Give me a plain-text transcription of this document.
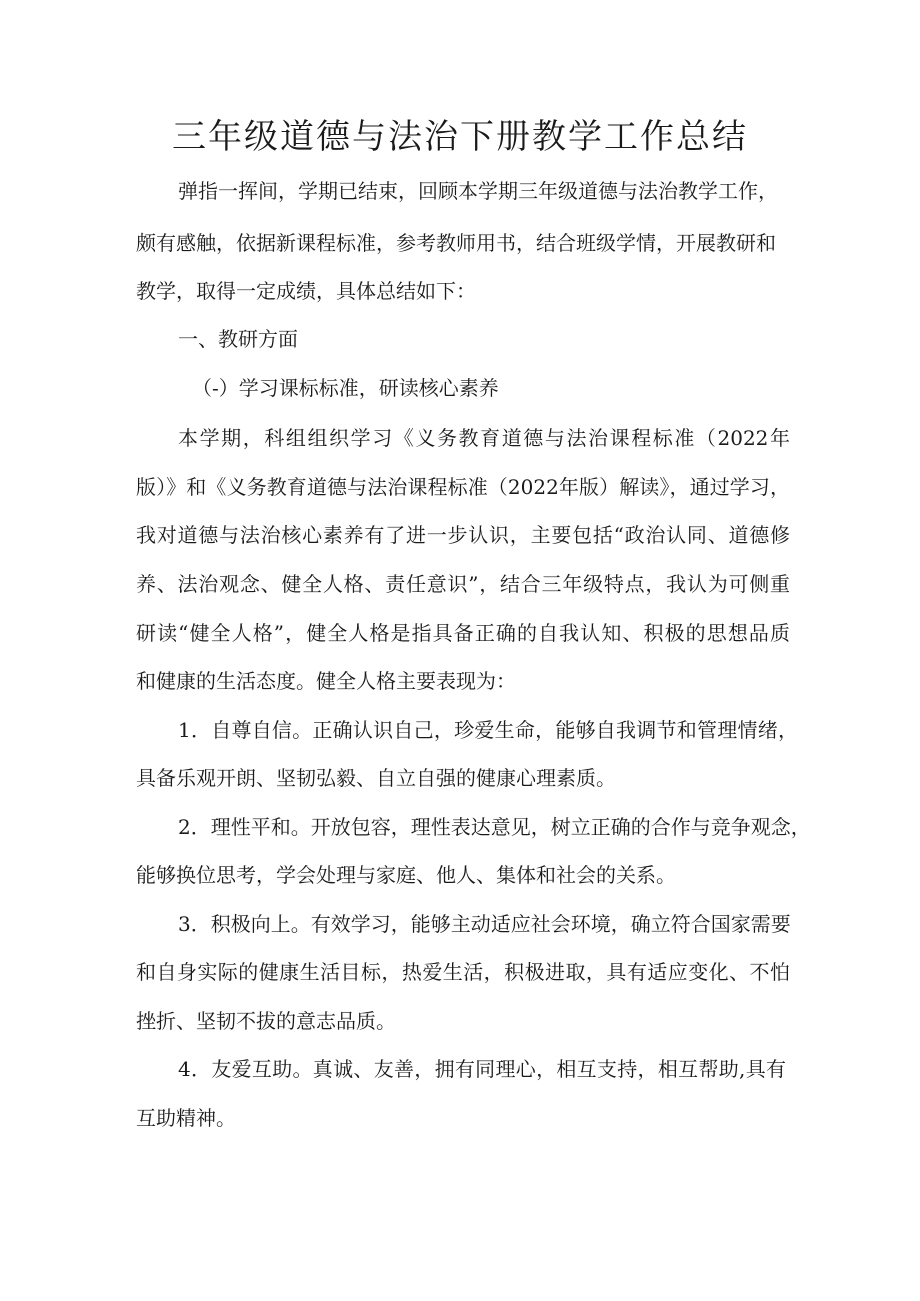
三年级道德与法治下册教学工作总结

弹指一挥间，学期已结束，回顾本学期三年级道德与法治教学工作，

颇有感触，依据新课程标准，参考教师用书，结合班级学情，开展教研和

教学，取得一定成绩，具体总结如下：

一、教研方面

（-）学习课标标准，研读核心素养

本学期，科组组织学习《义务教育道德与法治课程标准（2022年

版）》和《义务教育道德与法治课程标准（2022年版）解读》，通过学习，

我对道德与法治核心素养有了进一步认识，主要包括“政治认同、道德修

养、法治观念、健全人格、责任意识”，结合三年级特点，我认为可侧重

研读“健全人格”，健全人格是指具备正确的自我认知、积极的思想品质

和健康的生活态度。健全人格主要表现为：

1．自尊自信。正确认识自己，珍爱生命，能够自我调节和管理情绪，

具备乐观开朗、坚韧弘毅、自立自强的健康心理素质。

2．理性平和。开放包容，理性表达意见，树立正确的合作与竞争观念，

能够换位思考，学会处理与家庭、他人、集体和社会的关系。

3．积极向上。有效学习，能够主动适应社会环境，确立符合国家需要

和自身实际的健康生活目标，热爱生活，积极进取，具有适应变化、不怕

挫折、坚韧不拔的意志品质。

4．友爱互助。真诚、友善，拥有同理心，相互支持，相互帮助,具有

互助精神。
